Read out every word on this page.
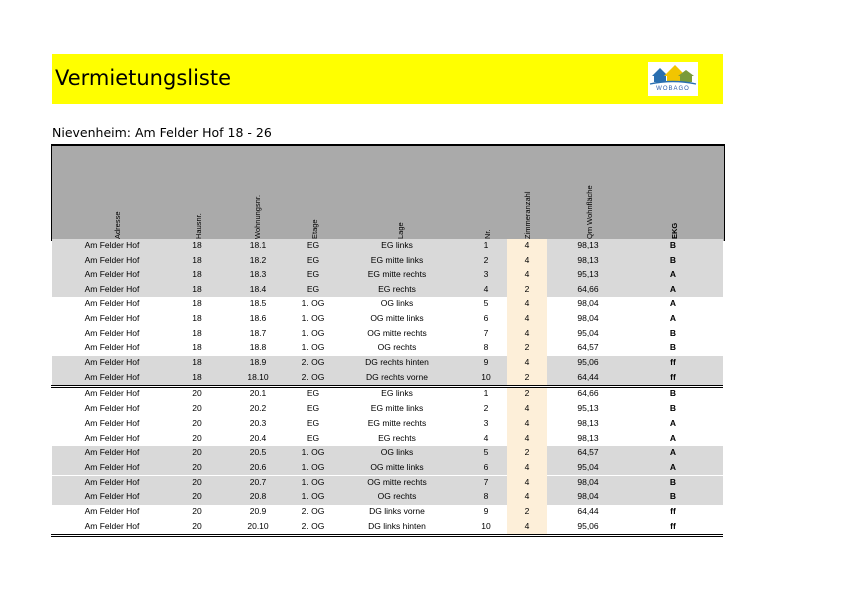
Vermietungsliste	WOBAGO
Nievenheim: Am Felder Hof 18 - 26
Adresse	Hausnr.	Wohnungsnr.	Etage	Lage	Nr.	Zimmeranzahl	Qm Wohnfläche	EKG
Am Felder Hof	18	18.1	EG	EG links	1	4	98,13	B
Am Felder Hof	18	18.2	EG	EG mitte links	2	4	98,13	B
Am Felder Hof	18	18.3	EG	EG mitte rechts	3	4	95,13	A
Am Felder Hof	18	18.4	EG	EG rechts	4	2	64,66	A
Am Felder Hof	18	18.5	1. OG	OG links	5	4	98,04	A
Am Felder Hof	18	18.6	1. OG	OG mitte links	6	4	98,04	A
Am Felder Hof	18	18.7	1. OG	OG mitte rechts	7	4	95,04	B
Am Felder Hof	18	18.8	1. OG	OG rechts	8	2	64,57	B
Am Felder Hof	18	18.9	2. OG	DG rechts hinten	9	4	95,06	ff
Am Felder Hof	18	18.10	2. OG	DG rechts vorne	10	2	64,44	ff
Am Felder Hof	20	20.1	EG	EG links	1	2	64,66	B
Am Felder Hof	20	20.2	EG	EG mitte links	2	4	95,13	B
Am Felder Hof	20	20.3	EG	EG mitte rechts	3	4	98,13	A
Am Felder Hof	20	20.4	EG	EG rechts	4	4	98,13	A
Am Felder Hof	20	20.5	1. OG	OG links	5	2	64,57	A
Am Felder Hof	20	20.6	1. OG	OG mitte links	6	4	95,04	A
Am Felder Hof	20	20.7	1. OG	OG mitte rechts	7	4	98,04	B
Am Felder Hof	20	20.8	1. OG	OG rechts	8	4	98,04	B
Am Felder Hof	20	20.9	2. OG	DG links vorne	9	2	64,44	ff
Am Felder Hof	20	20.10	2. OG	DG links hinten	10	4	95,06	ff
